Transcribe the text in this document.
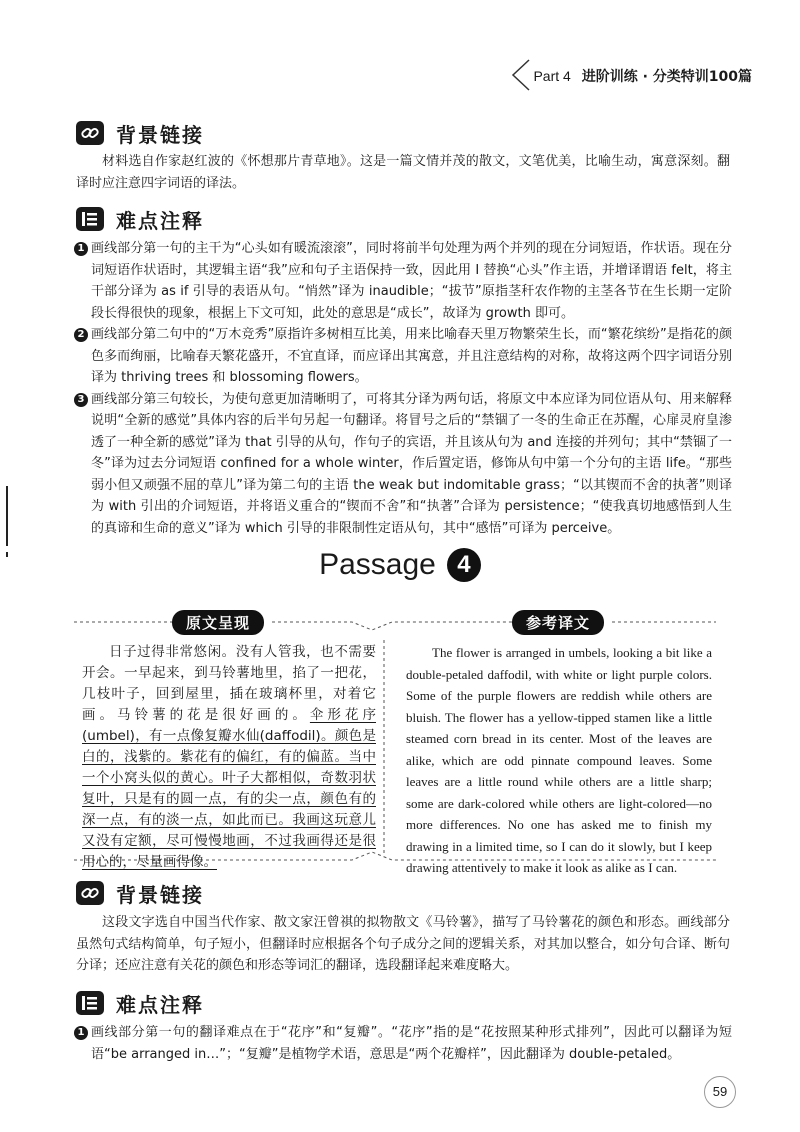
Part 4 进阶训练 · 分类特训100篇
背景链接
材料选自作家赵红波的《怀想那片青草地》。这是一篇文情并茂的散文，文笔优美，比喻生动，寓意深刻。翻译时应注意四字词语的译法。
难点注释
1 画线部分第一句的主干为“心头如有暖流滚滚”，同时将前半句处理为两个并列的现在分词短语，作状语。现在分词短语作状语时，其逻辑主语“我”应和句子主语保持一致，因此用 I 替换“心头”作主语，并增译谓语 felt，将主干部分译为 as if 引导的表语从句。“悄然”译为 inaudible；“拔节”原指茎秆农作物的主茎各节在生长期一定阶段长得很快的现象，根据上下文可知，此处的意思是“成长”，故译为 growth 即可。
2 画线部分第二句中的“万木竞秀”原指许多树相互比美，用来比喻春天里万物繁荣生长，而“繁花缤纷”是指花的颜色多而绚丽，比喻春天繁花盛开，不宜直译，而应译出其寓意，并且注意结构的对称，故将这两个四字词语分别译为 thriving trees 和 blossoming flowers。
3 画线部分第三句较长，为使句意更加清晰明了，可将其分译为两句话，将原文中本应译为同位语从句、用来解释说明“全新的感觉”具体内容的后半句另起一句翻译。将冒号之后的“禁锢了一冬的生命正在苏醒，心扉灵府皇渗透了一种全新的感觉”译为 that 引导的从句，作句子的宾语，并且该从句为 and 连接的并列句；其中“禁锢了一冬”译为过去分词短语 confined for a whole winter，作后置定语，修饰从句中第一个分句的主语 life。“那些弱小但又顽强不屈的草儿”译为第二句的主语 the weak but indomitable grass；“以其锲而不舍的执著”则译为 with 引出的介词短语，并将语义重合的“锲而不舍”和“执著”合译为 persistence；“使我真切地感悟到人生的真谛和生命的意义”译为 which 引导的非限制性定语从句，其中“感悟”可译为 perceive。
Passage 4
原文呈现	参考译文
日子过得非常悠闲。没有人管我，也不需要开会。一早起来，到马铃薯地里，掐了一把花，几枝叶子，回到屋里，插在玻璃杯里，对着它画。马铃薯的花是很好画的。伞形花序(umbel)，有一点像复瓣水仙(daffodil)。颜色是白的，浅紫的。紫花有的偏红，有的偏蓝。当中一个小窝头似的黄心。叶子大都相似，奇数羽状复叶，只是有的圆一点，有的尖一点，颜色有的深一点，有的淡一点，如此而已。我画这玩意儿又没有定额，尽可慢慢地画，不过我画得还是很用心的，尽量画得像。
The flower is arranged in umbels, looking a bit like a double-petaled daffodil, with white or light purple colors. Some of the purple flowers are reddish while others are bluish. The flower has a yellow-tipped stamen like a little steamed corn bread in its center. Most of the leaves are alike, which are odd pinnate compound leaves. Some leaves are a little round while others are a little sharp; some are dark-colored while others are light-colored—no more differences. No one has asked me to finish my drawing in a limited time, so I can do it slowly, but I keep drawing attentively to make it look as alike as I can.
背景链接
这段文字选自中国当代作家、散文家汪曾祺的拟物散文《马铃薯》，描写了马铃薯花的颜色和形态。画线部分虽然句式结构简单，句子短小，但翻译时应根据各个句子成分之间的逻辑关系，对其加以整合，如分句合译、断句分译；还应注意有关花的颜色和形态等词汇的翻译，选段翻译起来难度略大。
难点注释
1 画线部分第一句的翻译难点在于“花序”和“复瓣”。“花序”指的是“花按照某种形式排列”，因此可以翻译为短语“be arranged in…”；“复瓣”是植物学术语，意思是“两个花瓣样”，因此翻译为 double-petaled。
59
